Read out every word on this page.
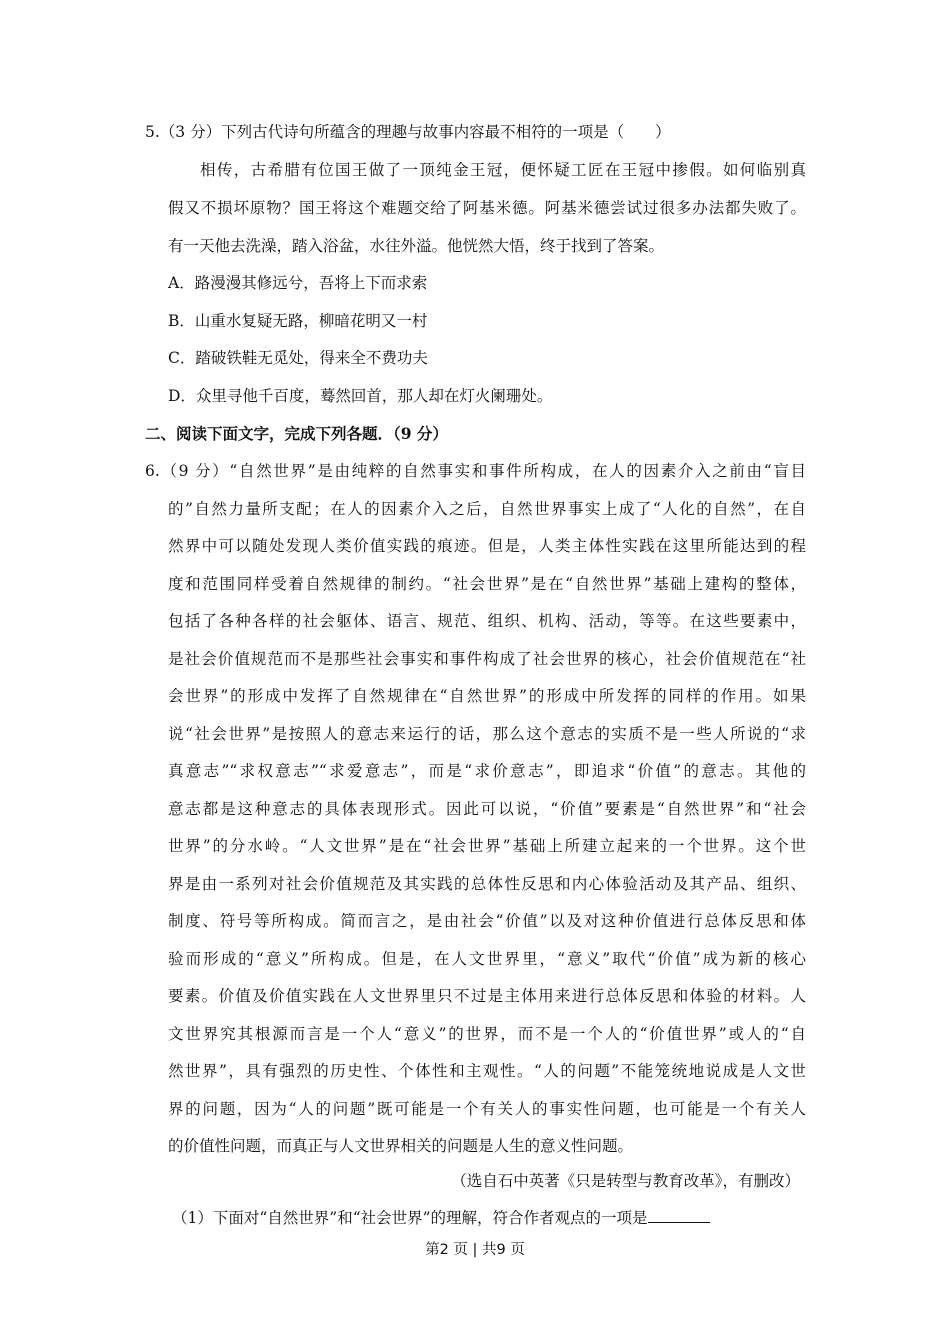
5.（3 分）下列古代诗句所蕴含的理趣与故事内容最不相符的一项是（　　）
相传，古希腊有位国王做了一顶纯金王冠，便怀疑工匠在王冠中掺假。如何临别真
假又不损坏原物？国王将这个难题交给了阿基米德。阿基米德尝试过很多办法都失败了。
有一天他去洗澡，踏入浴盆，水往外溢。他恍然大悟，终于找到了答案。
A．路漫漫其修远兮，吾将上下而求索
B．山重水复疑无路，柳暗花明又一村
C．踏破铁鞋无觅处，得来全不费功夫
D．众里寻他千百度，蓦然回首，那人却在灯火阑珊处。
二、阅读下面文字，完成下列各题．（9 分）
6.（9 分）“自然世界”是由纯粹的自然事实和事件所构成，在人的因素介入之前由“盲目
的”自然力量所支配；在人的因素介入之后，自然世界事实上成了“人化的自然”，在自
然界中可以随处发现人类价值实践的痕迹。但是，人类主体性实践在这里所能达到的程
度和范围同样受着自然规律的制约。“社会世界”是在“自然世界”基础上建构的整体，
包括了各种各样的社会躯体、语言、规范、组织、机构、活动，等等。在这些要素中，
是社会价值规范而不是那些社会事实和事件构成了社会世界的核心，社会价值规范在“社
会世界”的形成中发挥了自然规律在“自然世界”的形成中所发挥的同样的作用。如果
说“社会世界”是按照人的意志来运行的话，那么这个意志的实质不是一些人所说的“求
真意志”“求权意志”“求爱意志”，而是“求价意志”，即追求“价值”的意志。其他的
意志都是这种意志的具体表现形式。因此可以说，“价值”要素是“自然世界”和“社会
世界”的分水岭。“人文世界”是在“社会世界”基础上所建立起来的一个世界。这个世
界是由一系列对社会价值规范及其实践的总体性反思和内心体验活动及其产品、组织、
制度、符号等所构成。简而言之，是由社会“价值”以及对这种价值进行总体反思和体
验而形成的“意义”所构成。但是，在人文世界里，“意义”取代“价值”成为新的核心
要素。价值及价值实践在人文世界里只不过是主体用来进行总体反思和体验的材料。人
文世界究其根源而言是一个人“意义”的世界，而不是一个人的“价值世界”或人的“自
然世界”，具有强烈的历史性、个体性和主观性。“人的问题”不能笼统地说成是人文世
界的问题，因为“人的问题”既可能是一个有关人的事实性问题，也可能是一个有关人
的价值性问题，而真正与人文世界相关的问题是人生的意义性问题。
（选自石中英著《只是转型与教育改革》，有删改）
（1）下面对“自然世界”和“社会世界”的理解，符合作者观点的一项是
第2 页 | 共9 页
